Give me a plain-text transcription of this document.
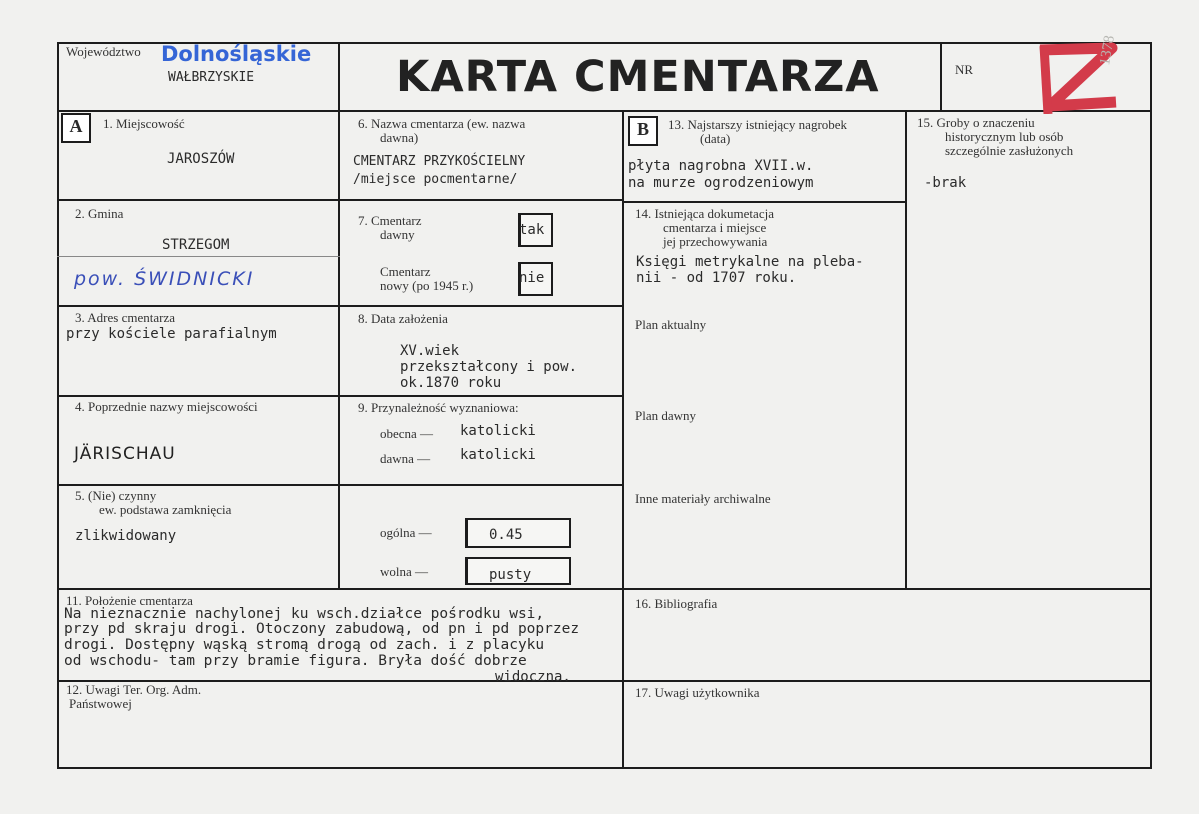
Województwo Dolnośląskie
WAŁBRZYSKIE	KARTA CMENTARZA	NR
1378
A	1. Miejscowość
JAROSZÓW
2. Gmina
STRZEGOM
pow. ŚWIDNICKI
3. Adres cmentarza
przy kościele parafialnym
4. Poprzednie nazwy miejscowości
JÄRISCHAU
5. (Nie) czynny
ew. podstawa zamknięcia
zlikwidowany
6. Nazwa cmentarza (ew. nazwa
dawna)
CMENTARZ PRZYKOŚCIELNY
/miejsce pocmentarne/
7. Cmentarz
dawny	tak
Cmentarz
nowy (po 1945 r.)	nie
8. Data założenia
XV.wiek
przekształcony i pow.
ok.1870 roku
9. Przynależność wyznaniowa:
obecna — katolicki
dawna — katolicki
ogólna —	0.45
wolna —	pusty
B	13. Najstarszy istniejący nagrobek
(data)
płyta nagrobna XVII.w.
na murze ogrodzeniowym
14. Istniejąca dokumetacja
cmentarza i miejsce
jej przechowywania
Księgi metrykalne na pleba-
nii - od 1707 roku.
Plan aktualny
Plan dawny
Inne materiały archiwalne
15. Groby o znaczeniu
historycznym lub osób
szczególnie zasłużonych
-brak
11. Położenie cmentarza
Na nieznacznie nachylonej ku wsch.działce pośrodku wsi,
przy pd skraju drogi. Otoczony zabudową, od pn i pd poprzez
drogi. Dostępny wąską stromą drogą od zach. i z placyku
od wschodu- tam przy bramie figura. Bryła dość dobrze
widoczna.
16. Bibliografia
12. Uwagi Ter. Org. Adm.
Państwowej
17. Uwagi użytkownika
